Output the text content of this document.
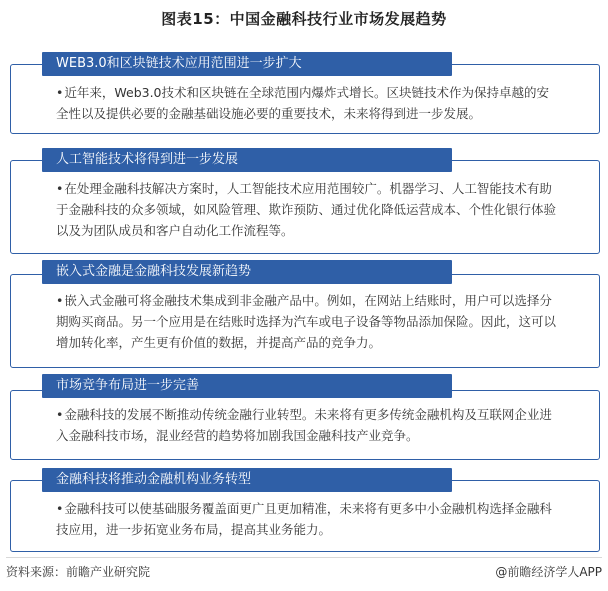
图表15：中国金融科技行业市场发展趋势
WEB3.0和区块链技术应用范围进一步扩大
•近年来，Web3.0技术和区块链在全球范围内爆炸式增长。区块链技术作为保持卓越的安全性以及提供必要的金融基础设施必要的重要技术，未来将得到进一步发展。
人工智能技术将得到进一步发展
•在处理金融科技解决方案时，人工智能技术应用范围较广。机器学习、人工智能技术有助于金融科技的众多领域，如风险管理、欺诈预防、通过优化降低运营成本、个性化银行体验以及为团队成员和客户自动化工作流程等。
嵌入式金融是金融科技发展新趋势
•嵌入式金融可将金融技术集成到非金融产品中。例如，在网站上结账时，用户可以选择分期购买商品。另一个应用是在结账时选择为汽车或电子设备等物品添加保险。因此，这可以增加转化率，产生更有价值的数据，并提高产品的竞争力。
市场竞争布局进一步完善
•金融科技的发展不断推动传统金融行业转型。未来将有更多传统金融机构及互联网企业进入金融科技市场，混业经营的趋势将加剧我国金融科技产业竞争。
金融科技将推动金融机构业务转型
•金融科技可以使基础服务覆盖面更广且更加精准，未来将有更多中小金融机构选择金融科技应用，进一步拓宽业务布局，提高其业务能力。
资料来源：前瞻产业研究院	@前瞻经济学人APP
